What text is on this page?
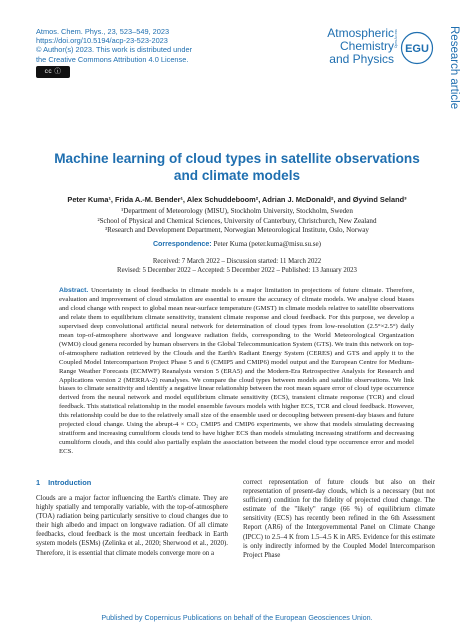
Atmos. Chem. Phys., 23, 523–549, 2023
https://doi.org/10.5194/acp-23-523-2023
© Author(s) 2023. This work is distributed under
the Creative Commons Attribution 4.0 License.
cc ⓘ
Atmospheric
Chemistry
and Physics
EGU
Open Access	Research article
Machine learning of cloud types in satellite observations
and climate models
Peter Kuma¹, Frida A.-M. Bender¹, Alex Schuddeboom², Adrian J. McDonald², and Øyvind Seland³
¹Department of Meteorology (MISU), Stockholm University, Stockholm, Sweden
²School of Physical and Chemical Sciences, University of Canterbury, Christchurch, New Zealand
³Research and Development Department, Norwegian Meteorological Institute, Oslo, Norway
Correspondence: Peter Kuma (peter.kuma@misu.su.se)
Received: 7 March 2022 – Discussion started: 11 March 2022
Revised: 5 December 2022 – Accepted: 5 December 2022 – Published: 13 January 2023
Abstract. Uncertainty in cloud feedbacks in climate models is a major limitation in projections of future climate. Therefore, evaluation and improvement of cloud simulation are essential to ensure the accuracy of climate models. We analyse cloud biases and cloud change with respect to global mean near-surface temperature (GMST) in climate models relative to satellite observations and relate them to equilibrium climate sensitivity, transient climate response and cloud feedback. For this purpose, we develop a supervised deep convolutional artificial neural network for determination of cloud types from low-resolution (2.5°×2.5°) daily mean top-of-atmosphere shortwave and longwave radiation fields, corresponding to the World Meteorological Organization (WMO) cloud genera recorded by human observers in the Global Telecommunication System (GTS). We train this network on top-of-atmosphere radiation retrieved by the Clouds and the Earth's Radiant Energy System (CERES) and GTS and apply it to the Coupled Model Intercomparison Project Phase 5 and 6 (CMIP5 and CMIP6) model output and the European Centre for Medium-Range Weather Forecasts (ECMWF) Reanalysis version 5 (ERA5) and the Modern-Era Retrospective Analysis for Research and Applications version 2 (MERRA-2) reanalyses. We compare the cloud types between models and satellite observations. We link biases to climate sensitivity and identify a negative linear relationship between the root mean square error of cloud type occurrence derived from the neural network and model equilibrium climate sensitivity (ECS), transient climate response (TCR) and cloud feedback. This statistical relationship in the model ensemble favours models with higher ECS, TCR and cloud feedback. However, this relationship could be due to the relatively small size of the ensemble used or decoupling between present-day biases and future projected cloud change. Using the abrupt-4 × CO₂ CMIP5 and CMIP6 experiments, we show that models simulating decreasing stratiform and increasing cumuliform clouds tend to have higher ECS than models simulating increasing stratiform and decreasing cumuliform clouds, and this could also partially explain the association between the model cloud type occurrence error and model ECS.
1 Introduction
Clouds are a major factor influencing the Earth's climate. They are highly spatially and temporally variable, with the top-of-atmosphere (TOA) radiation being particularly sensitive to cloud changes due to their high albedo and impact on longwave radiation. Of all climate feedbacks, cloud feedback is the most uncertain feedback in Earth system models (ESMs) (Zelinka et al., 2020; Sherwood et al., 2020). Therefore, it is essential that climate models converge more on a
correct representation of future clouds but also on their representation of present-day clouds, which is a necessary (but not sufficient) condition for the fidelity of projected cloud change. The estimate of the "likely" range (66 %) of equilibrium climate sensitivity (ECS) has recently been refined in the 6th Assessment Report (AR6) of the Intergovernmental Panel on Climate Change (IPCC) to 2.5–4 K from 1.5–4.5 K in AR5. Evidence for this estimate is only indirectly informed by the Coupled Model Intercomparison Project Phase
Published by Copernicus Publications on behalf of the European Geosciences Union.
